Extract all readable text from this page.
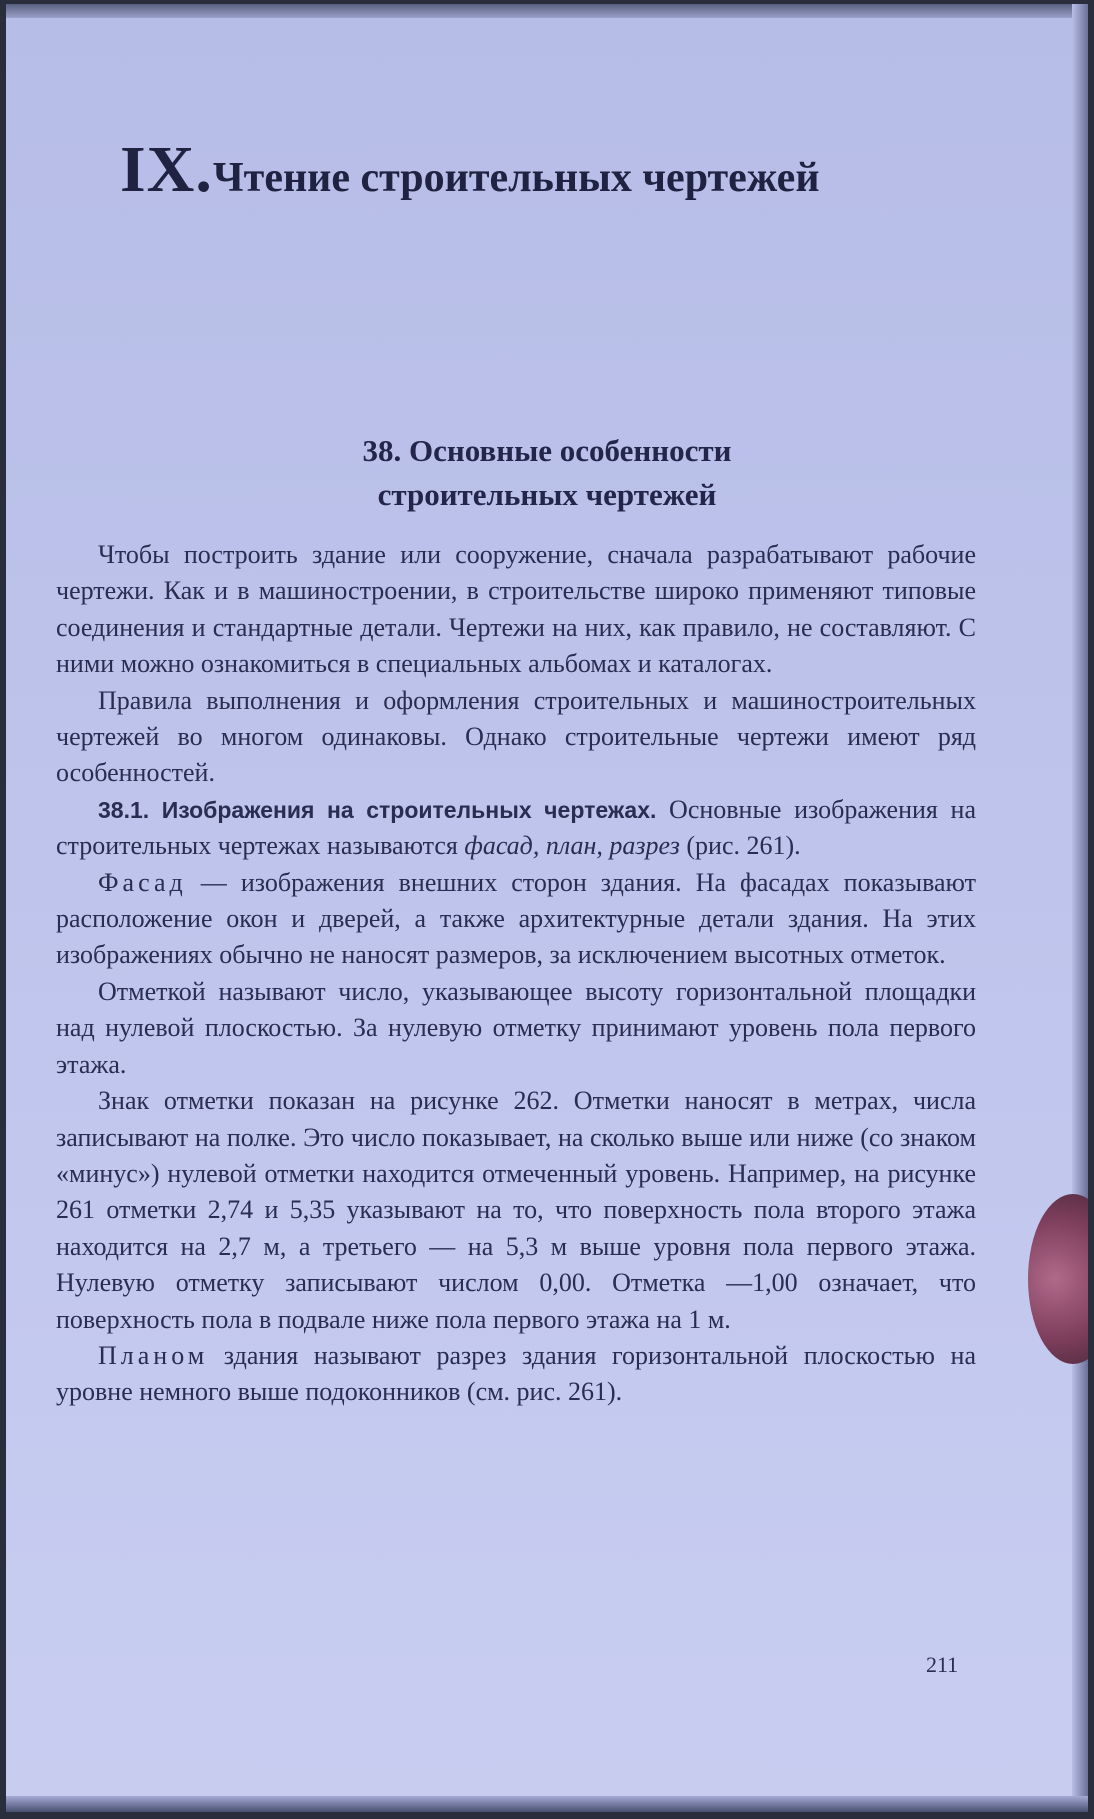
IX.Чтение строительных чертежей
38. Основные особенности
строительных чертежей

Чтобы построить здание или сооружение, сначала разрабатывают рабочие чертежи. Как и в машиностроении, в строительстве широко применяют типовые соединения и стандартные детали. Чертежи на них, как правило, не составляют. С ними можно ознакомиться в специальных альбомах и каталогах.

Правила выполнения и оформления строительных и машиностроительных чертежей во многом одинаковы. Однако строительные чертежи имеют ряд особенностей.

38.1. Изображения на строительных чертежах. Основные изображения на строительных чертежах называются фасад, план, разрез (рис. 261).

Фасад — изображения внешних сторон здания. На фасадах показывают расположение окон и дверей, а также архитектурные детали здания. На этих изображениях обычно не наносят размеров, за исключением высотных отметок.

Отметкой называют число, указывающее высоту горизонтальной площадки над нулевой плоскостью. За нулевую отметку принимают уровень пола первого этажа.

Знак отметки показан на рисунке 262. Отметки наносят в метрах, числа записывают на полке. Это число показывает, на сколько выше или ниже (со знаком «минус») нулевой отметки находится отмеченный уровень. Например, на рисунке 261 отметки 2,74 и 5,35 указывают на то, что поверхность пола второго этажа находится на 2,7 м, а третьего — на 5,3 м выше уровня пола первого этажа. Нулевую отметку записывают числом 0,00. Отметка —1,00 означает, что поверхность пола в подвале ниже пола первого этажа на 1 м.

Планом здания называют разрез здания горизонтальной плоскостью на уровне немного выше подоконников (см. рис. 261).

211
